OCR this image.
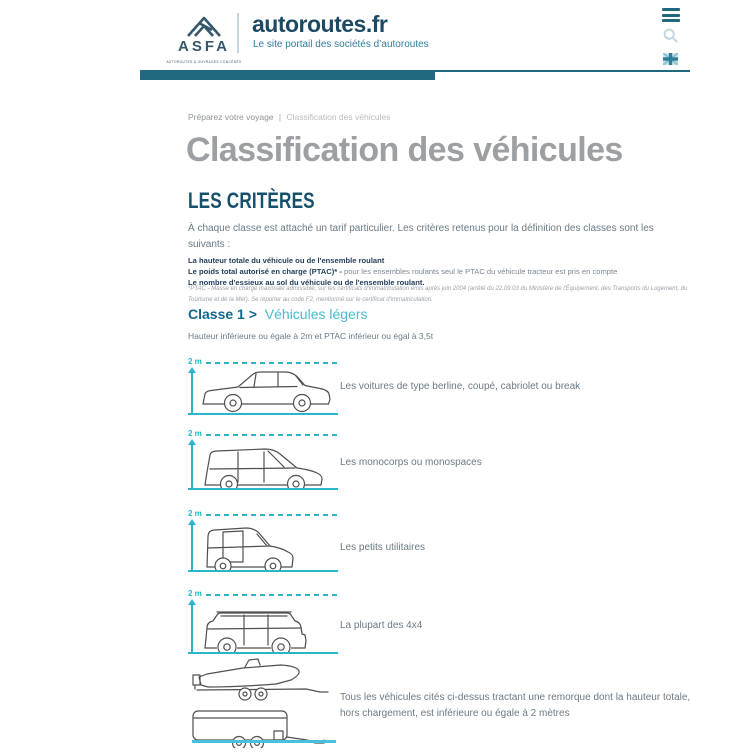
ASFA
AUTOROUTES & OUVRAGES CONCÉDÉS
autoroutes.fr
Le site portail des sociétés d’autoroutes

Préparez votre voyage | Classification des véhicules
Classification des véhicules
LES CRITÈRES

À chaque classe est attaché un tarif particulier. Les critères retenus pour la définition des classes sont les suivants :

La hauteur totale du véhicule ou de l'ensemble roulant
Le poids total autorisé en charge (PTAC)* - pour les ensembles roulants seul le PTAC du véhicule tracteur est pris en compte
Le nombre d'essieux au sol du véhicule ou de l'ensemble roulant.

*PTAC - Masse en charge maximale admissible, sur les certificats d'immatriculation émis après juin 2004 (arrêté du 22.09.03 du Ministère de l'Équipement, des Transports du Logement, du Tourisme et de la Mer). Se reporter au code F2, mentionné sur le certificat d'immatriculation.

Classe 1 > Véhicules légers
Hauteur inférieure ou égale à 2m et PTAC inférieur ou égal à 3,5t
2 m
Les voitures de type berline, coupé, cabriolet ou break
2 m
Les monocorps ou monospaces
2 m
Les petits utilitaires
2 m
La plupart des 4x4

Tous les véhicules cités ci-dessus tractant une remorque dont la hauteur totale, hors chargement, est inférieure ou égale à 2 mètres
